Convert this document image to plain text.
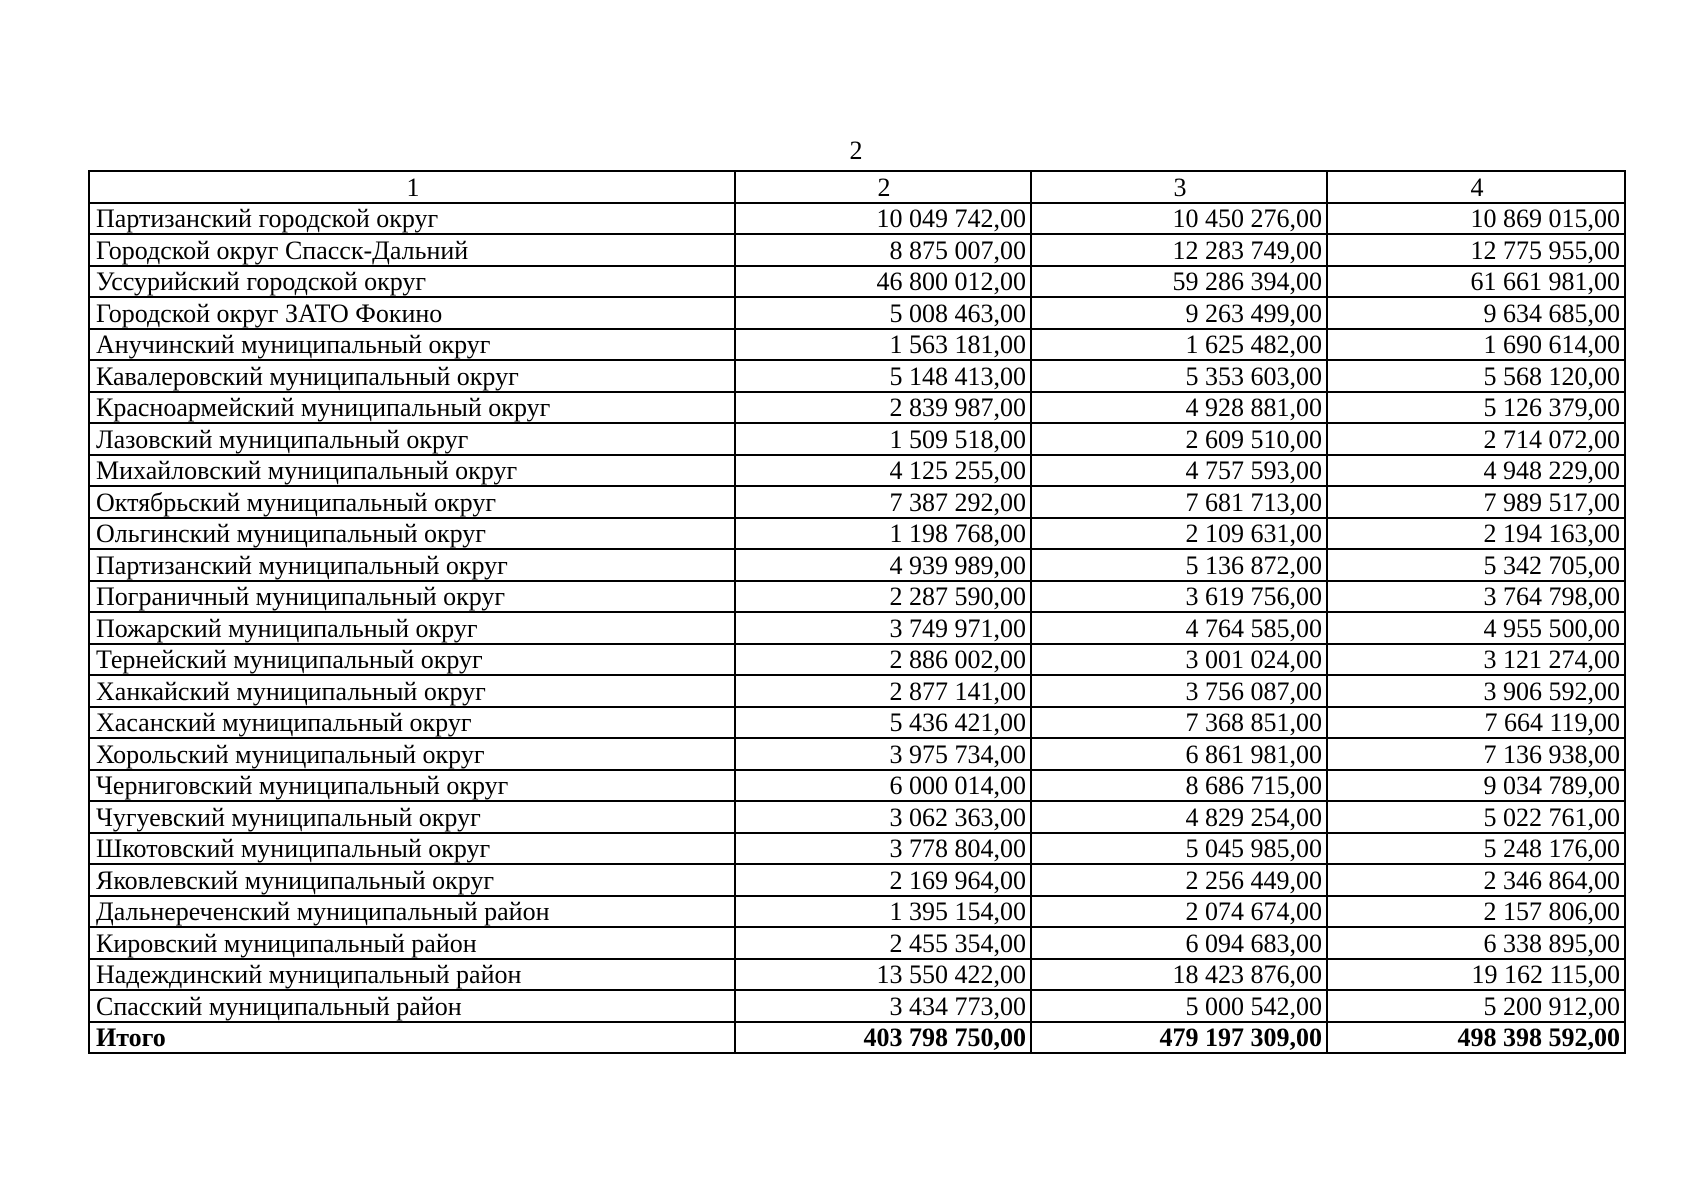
2
1	2	3	4
Партизанский городской округ	10 049 742,00	10 450 276,00	10 869 015,00
Городской округ Спасск-Дальний	8 875 007,00	12 283 749,00	12 775 955,00
Уссурийский городской округ	46 800 012,00	59 286 394,00	61 661 981,00
Городской округ ЗАТО Фокино	5 008 463,00	9 263 499,00	9 634 685,00
Анучинский муниципальный округ	1 563 181,00	1 625 482,00	1 690 614,00
Кавалеровский муниципальный округ	5 148 413,00	5 353 603,00	5 568 120,00
Красноармейский муниципальный округ	2 839 987,00	4 928 881,00	5 126 379,00
Лазовский муниципальный округ	1 509 518,00	2 609 510,00	2 714 072,00
Михайловский муниципальный округ	4 125 255,00	4 757 593,00	4 948 229,00
Октябрьский муниципальный округ	7 387 292,00	7 681 713,00	7 989 517,00
Ольгинский муниципальный округ	1 198 768,00	2 109 631,00	2 194 163,00
Партизанский муниципальный округ	4 939 989,00	5 136 872,00	5 342 705,00
Пограничный муниципальный округ	2 287 590,00	3 619 756,00	3 764 798,00
Пожарский муниципальный округ	3 749 971,00	4 764 585,00	4 955 500,00
Тернейский муниципальный округ	2 886 002,00	3 001 024,00	3 121 274,00
Ханкайский муниципальный округ	2 877 141,00	3 756 087,00	3 906 592,00
Хасанский муниципальный округ	5 436 421,00	7 368 851,00	7 664 119,00
Хорольский муниципальный округ	3 975 734,00	6 861 981,00	7 136 938,00
Черниговский муниципальный округ	6 000 014,00	8 686 715,00	9 034 789,00
Чугуевский муниципальный округ	3 062 363,00	4 829 254,00	5 022 761,00
Шкотовский муниципальный округ	3 778 804,00	5 045 985,00	5 248 176,00
Яковлевский муниципальный округ	2 169 964,00	2 256 449,00	2 346 864,00
Дальнереченский муниципальный район	1 395 154,00	2 074 674,00	2 157 806,00
Кировский муниципальный район	2 455 354,00	6 094 683,00	6 338 895,00
Надеждинский муниципальный район	13 550 422,00	18 423 876,00	19 162 115,00
Спасский муниципальный район	3 434 773,00	5 000 542,00	5 200 912,00
Итого	403 798 750,00	479 197 309,00	498 398 592,00
